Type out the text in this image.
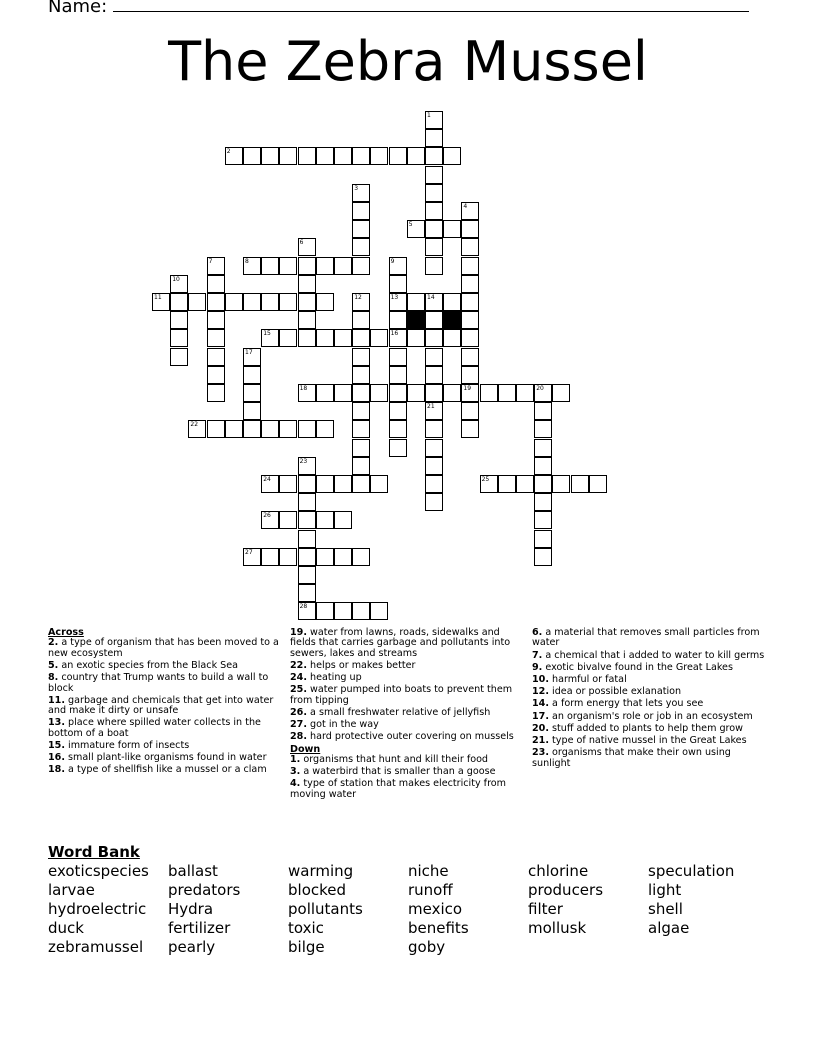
Name:
The Zebra Mussel
1
2
3
4
5
6
7	8	9
10
11	12	13	14
15	16
17
18	19	20
21
22
23
24	25
26
27
28
Across
2. a type of organism that has been moved to a new ecosystem
5. an exotic species from the Black Sea
8. country that Trump wants to build a wall to block
11. garbage and chemicals that get into water and make it dirty or unsafe
13. place where spilled water collects in the bottom of a boat
15. immature form of insects
16. small plant-like organisms found in water
18. a type of shellfish like a mussel or a clam
19. water from lawns, roads, sidewalks and fields that carries garbage and pollutants into sewers, lakes and streams
22. helps or makes better
24. heating up
25. water pumped into boats to prevent them from tipping
26. a small freshwater relative of jellyfish
27. got in the way
28. hard protective outer covering on mussels
Down
1. organisms that hunt and kill their food
3. a waterbird that is smaller than a goose
4. type of station that makes electricity from moving water
6. a material that removes small particles from water
7. a chemical that i added to water to kill germs
9. exotic bivalve found in the Great Lakes
10. harmful or fatal
12. idea or possible exlanation
14. a form energy that lets you see
17. an organism's role or job in an ecosystem
20. stuff added to plants to help them grow
21. type of native mussel in the Great Lakes
23. organisms that make their own using sunlight
Word Bank
exoticspecies	ballast	warming	niche	chlorine	speculation
larvae	predators	blocked	runoff	producers	light
hydroelectric	Hydra	pollutants	mexico	filter	shell
duck	fertilizer	toxic	benefits	mollusk	algae
zebramussel	pearly	bilge	goby
